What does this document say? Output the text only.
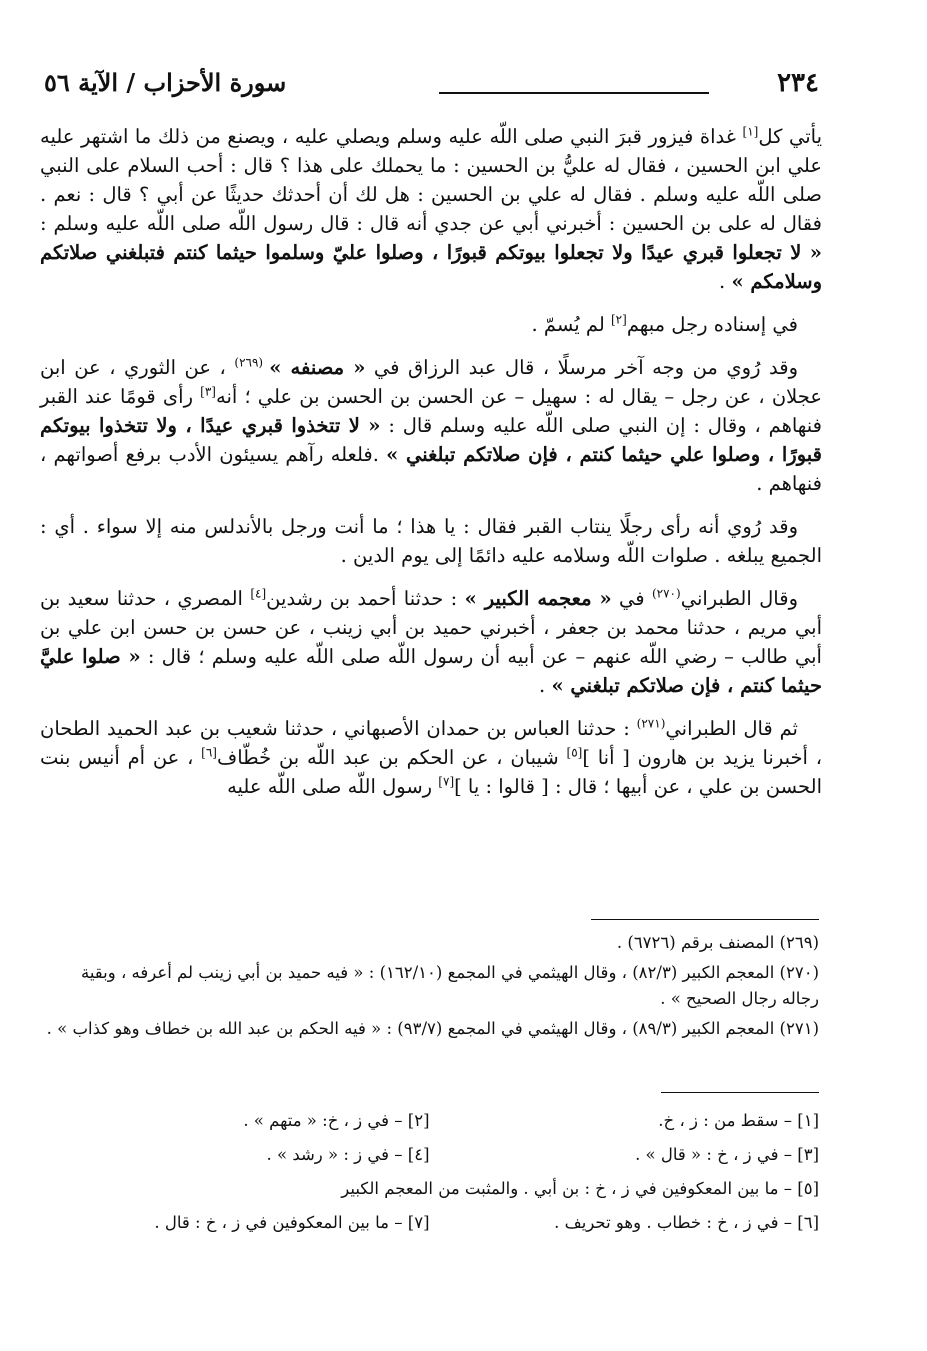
٢٣٤
سورة الأحزاب / الآية ٥٦

يأتي كل[١] غداة فيزور قبرَ النبي صلى اللّه عليه وسلم ويصلي عليه ، ويصنع من ذلك ما اشتهر عليه علي ابن الحسين ، فقال له عليُّ بن الحسين : ما يحملك على هذا ؟ قال : أحب السلام على النبي صلى اللّه عليه وسلم . فقال له علي بن الحسين : هل لك أن أحدثك حديثًا عن أبي ؟ قال : نعم . فقال له على بن الحسين : أخبرني أبي عن جدي أنه قال : قال رسول اللّه صلى اللّه عليه وسلم : « لا تجعلوا قبري عيدًا ولا تجعلوا بيوتكم قبورًا ، وصلوا عليّ وسلموا حيثما كنتم فتبلغني صلاتكم وسلامكم » .

في إسناده رجل مبهم[٢] لم يُسمّ .

وقد رُوي من وجه آخر مرسلًا ، قال عبد الرزاق في « مصنفه » $^{(٢٦٩)}$ ، عن الثوري ، عن ابن عجلان ، عن رجل – يقال له : سهيل – عن الحسن بن الحسن بن علي ؛ أنه[٣] رأى قومًا عند القبر فنهاهم ، وقال : إن النبي صلى اللّه عليه وسلم قال : « لا تتخذوا قبري عيدًا ، ولا تتخذوا بيوتكم قبورًا ، وصلوا علي حيثما كنتم ، فإن صلاتكم تبلغني » .فلعله رآهم يسيئون الأدب برفع أصواتهم ، فنهاهم .

وقد رُوي أنه رأى رجلًا ينتاب القبر فقال : يا هذا ؛ ما أنت ورجل بالأندلس منه إلا سواء . أي : الجميع يبلغه . صلوات اللّه وسلامه عليه دائمًا إلى يوم الدين .

وقال الطبراني$^{(٢٧٠)}$ في « معجمه الكبير » : حدثنا أحمد بن رشدين[٤] المصري ، حدثنا سعيد بن أبي مريم ، حدثنا محمد بن جعفر ، أخبرني حميد بن أبي زينب ، عن حسن بن حسن ابن علي بن أبي طالب – رضي اللّه عنهم – عن أبيه أن رسول اللّه صلى اللّه عليه وسلم ؛ قال : « صلوا عليَّ حيثما كنتم ، فإن صلاتكم تبلغني » .

ثم قال الطبراني$^{(٢٧١)}$ : حدثنا العباس بن حمدان الأصبهاني ، حدثنا شعيب بن عبد الحميد الطحان ، أخبرنا يزيد بن هارون [ أنا ][٥] شيبان ، عن الحكم بن عبد اللّه بن خُطّاف[٦] ، عن أم أنيس بنت الحسن بن علي ، عن أبيها ؛ قال : [ قالوا : يا ][٧] رسول اللّه صلى اللّه عليه

(٢٦٩) المصنف برقم (٦٧٢٦) .
(٢٧٠) المعجم الكبير (٨٢/٣) ، وقال الهيثمي في المجمع (١٦٢/١٠) : « فيه حميد بن أبي زينب لم أعرفه ، وبقية رجاله رجال الصحيح » .
(٢٧١) المعجم الكبير (٨٩/٣) ، وقال الهيثمي في المجمع (٩٣/٧) : « فيه الحكم بن عبد الله بن خطاف وهو كذاب » .
[١] – سقط من : ز ، خ.
[٢] – في ز ، خ: « متهم » .
[٣] – في ز ، خ : « قال » .
[٤] – في ز : « رشد » .
[٥] – ما بين المعكوفين في ز ، خ : بن أبي . والمثبت من المعجم الكبير
[٦] – في ز ، خ : خطاب . وهو تحريف .
[٧] – ما بين المعكوفين في ز ، خ : قال .
